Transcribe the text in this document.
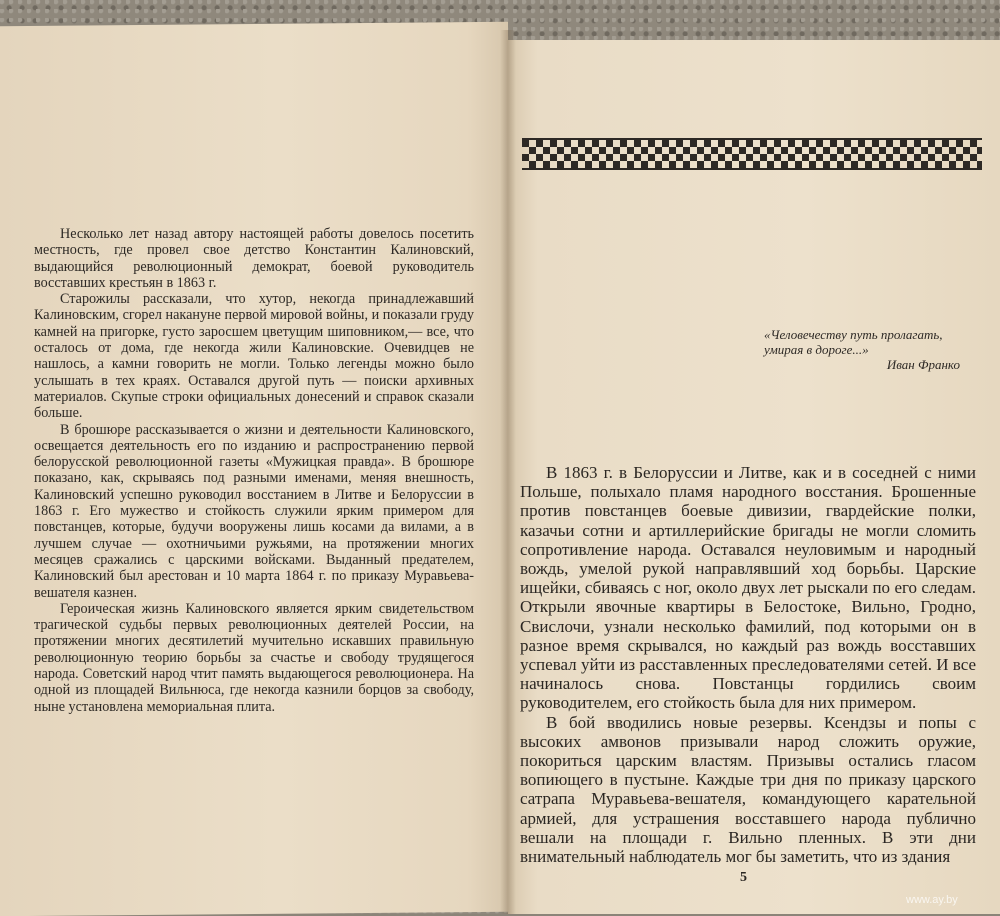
Несколько лет назад автору настоящей работы довелось посетить местность, где провел свое детство Константин Калиновский, выдающийся революционный демократ, боевой руководитель восставших крестьян в 1863 г.

Старожилы рассказали, что хутор, некогда принадлежавший Калиновским, сгорел накануне первой мировой войны, и показали груду камней на пригорке, густо заросшем цветущим шиповником,— все, что осталось от дома, где некогда жили Калиновские. Очевидцев не нашлось, а камни говорить не могли. Только легенды можно было услышать в тех краях. Оставался другой путь — поиски архивных материалов. Скупые строки официальных донесений и справок сказали больше.

В брошюре рассказывается о жизни и деятельности Калиновского, освещается деятельность его по изданию и распространению первой белорусской революционной газеты «Мужицкая правда». В брошюре показано, как, скрываясь под разными именами, меняя внешность, Калиновский успешно руководил восстанием в Литве и Белоруссии в 1863 г. Его мужество и стойкость служили ярким примером для повстанцев, которые, будучи вооружены лишь косами да вилами, а в лучшем случае — охотничьими ружьями, на протяжении многих месяцев сражались с царскими войсками. Выданный предателем, Калиновский был арестован и 10 марта 1864 г. по приказу Муравьева-вешателя казнен.

Героическая жизнь Калиновского является ярким свидетельством трагической судьбы первых революционных деятелей России, на протяжении многих десятилетий мучительно искавших правильную революционную теорию борьбы за счастье и свободу трудящегося народа. Советский народ чтит память выдающегося революционера. На одной из площадей Вильнюса, где некогда казнили борцов за свободу, ныне установлена мемориальная плита.

«Человечеству путь пролагать, умирая в дороге...»
Иван Франко

В 1863 г. в Белоруссии и Литве, как и в соседней с ними Польше, полыхало пламя народного восстания. Брошенные против повстанцев боевые дивизии, гвардейские полки, казачьи сотни и артиллерийские бригады не могли сломить сопротивление народа. Оставался неуловимым и народный вождь, умелой рукой направлявший ход борьбы. Царские ищейки, сбиваясь с ног, около двух лет рыскали по его следам. Открыли явочные квартиры в Белостоке, Вильно, Гродно, Свислочи, узнали несколько фамилий, под которыми он в разное время скрывался, но каждый раз вождь восставших успевал уйти из расставленных преследователями сетей. И все начиналось снова. Повстанцы гордились своим руководителем, его стойкость была для них примером.

В бой вводились новые резервы. Ксендзы и попы с высоких амвонов призывали народ сложить оружие, покориться царским властям. Призывы остались гласом вопиющего в пустыне. Каждые три дня по приказу царского сатрапа Муравьева-вешателя, командующего карательной армией, для устрашения восставшего народа публично вешали на площади г. Вильно пленных. В эти дни внимательный наблюдатель мог бы заметить, что из здания

5
www.ay.by
